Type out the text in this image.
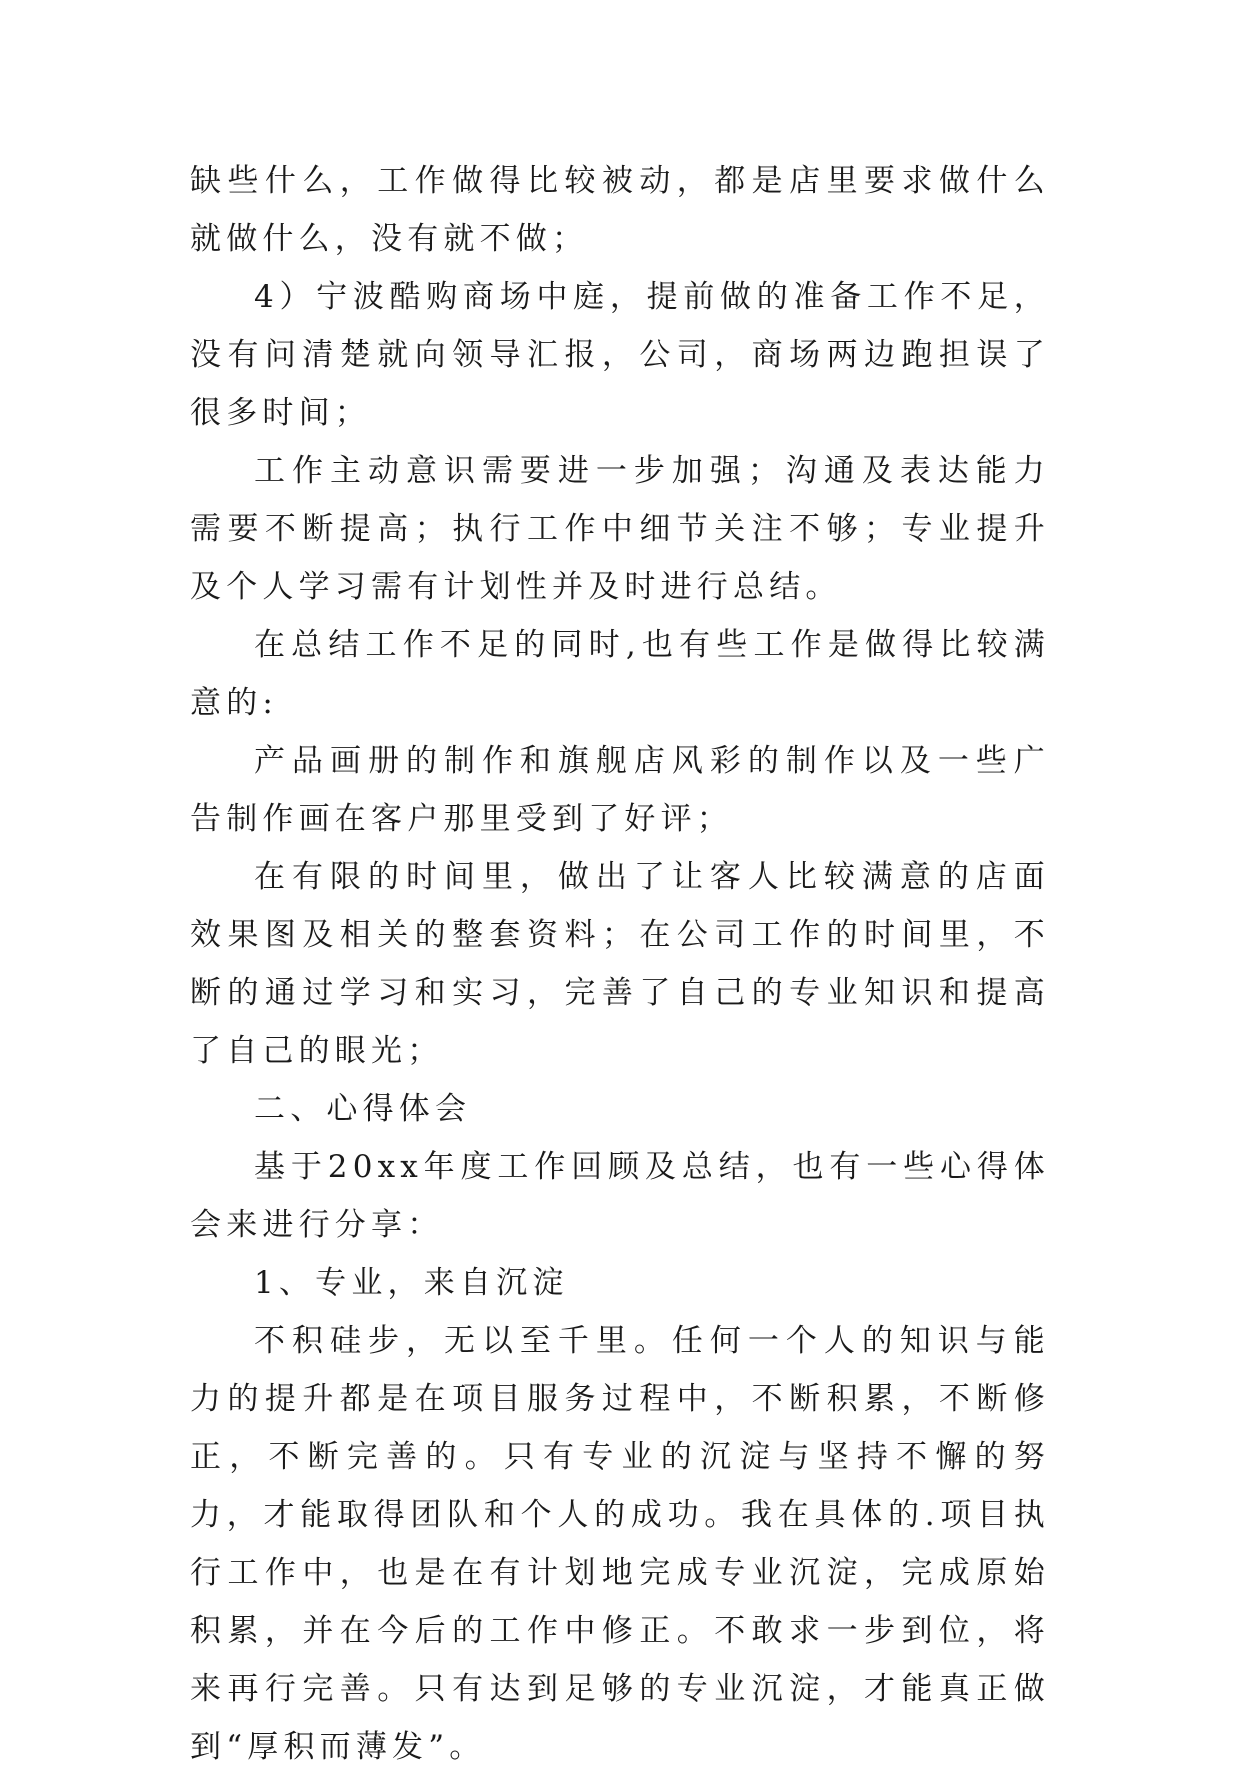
缺些什么，工作做得比较被动，都是店里要求做什么就做什么，没有就不做；

4）宁波酷购商场中庭，提前做的准备工作不足，没有问清楚就向领导汇报，公司，商场两边跑担误了很多时间；

工作主动意识需要进一步加强；沟通及表达能力需要不断提高；执行工作中细节关注不够；专业提升及个人学习需有计划性并及时进行总结。

在总结工作不足的同时,也有些工作是做得比较满意的:

产品画册的制作和旗舰店风彩的制作以及一些广告制作画在客户那里受到了好评；

在有限的时间里，做出了让客人比较满意的店面效果图及相关的整套资料；在公司工作的时间里，不断的通过学习和实习，完善了自己的专业知识和提高了自己的眼光；

二、心得体会

基于20xx年度工作回顾及总结，也有一些心得体会来进行分享：

1、专业，来自沉淀

不积硅步，无以至千里。任何一个人的知识与能力的提升都是在项目服务过程中，不断积累，不断修正，不断完善的。只有专业的沉淀与坚持不懈的努力，才能取得团队和个人的成功。我在具体的.项目执行工作中，也是在有计划地完成专业沉淀，完成原始积累，并在今后的工作中修正。不敢求一步到位，将来再行完善。只有达到足够的专业沉淀，才能真正做到“厚积而薄发”。
